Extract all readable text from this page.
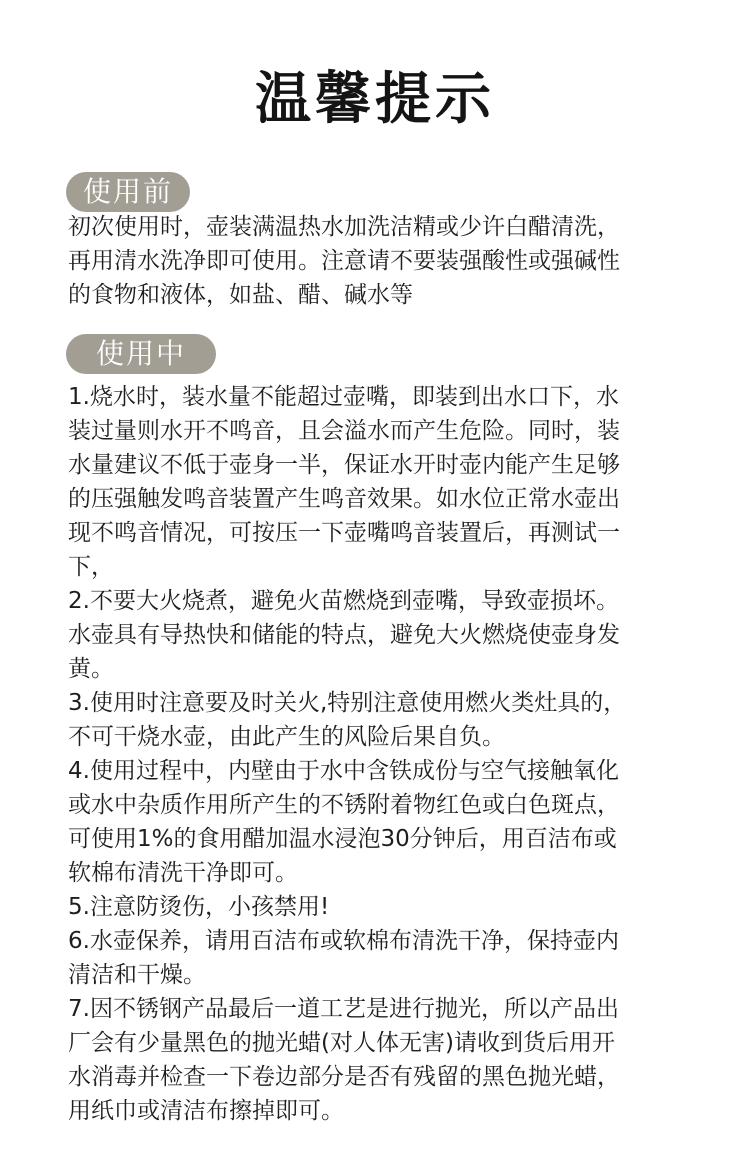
温馨提示
使用前
初次使用时，壶装满温热水加洗洁精或少许白醋清洗，
再用清水洗净即可使用。注意请不要装强酸性或强碱性
的食物和液体，如盐、醋、碱水等
使用中
1.烧水时，装水量不能超过壶嘴，即装到出水口下，水
装过量则水开不鸣音，且会溢水而产生危险。同时，装
水量建议不低于壶身一半，保证水开时壶内能产生足够
的压强触发鸣音装置产生鸣音效果。如水位正常水壶出
现不鸣音情况，可按压一下壶嘴鸣音装置后，再测试一
下，
2.不要大火烧煮，避免火苗燃烧到壶嘴，导致壶损坏。
水壶具有导热快和储能的特点，避免大火燃烧使壶身发
黄。
3.使用时注意要及时关火,特别注意使用燃火类灶具的，
不可干烧水壶，由此产生的风险后果自负。
4.使用过程中，内壁由于水中含铁成份与空气接触氧化
或水中杂质作用所产生的不锈附着物红色或白色斑点，
可使用1%的食用醋加温水浸泡30分钟后，用百洁布或
软棉布清洗干净即可。
5.注意防烫伤，小孩禁用!
6.水壶保养，请用百洁布或软棉布清洗干净，保持壶内
清洁和干燥。
7.因不锈钢产品最后一道工艺是进行抛光，所以产品出
厂会有少量黑色的抛光蜡(对人体无害)请收到货后用开
水消毒并检查一下卷边部分是否有残留的黑色抛光蜡，
用纸巾或清洁布擦掉即可。
